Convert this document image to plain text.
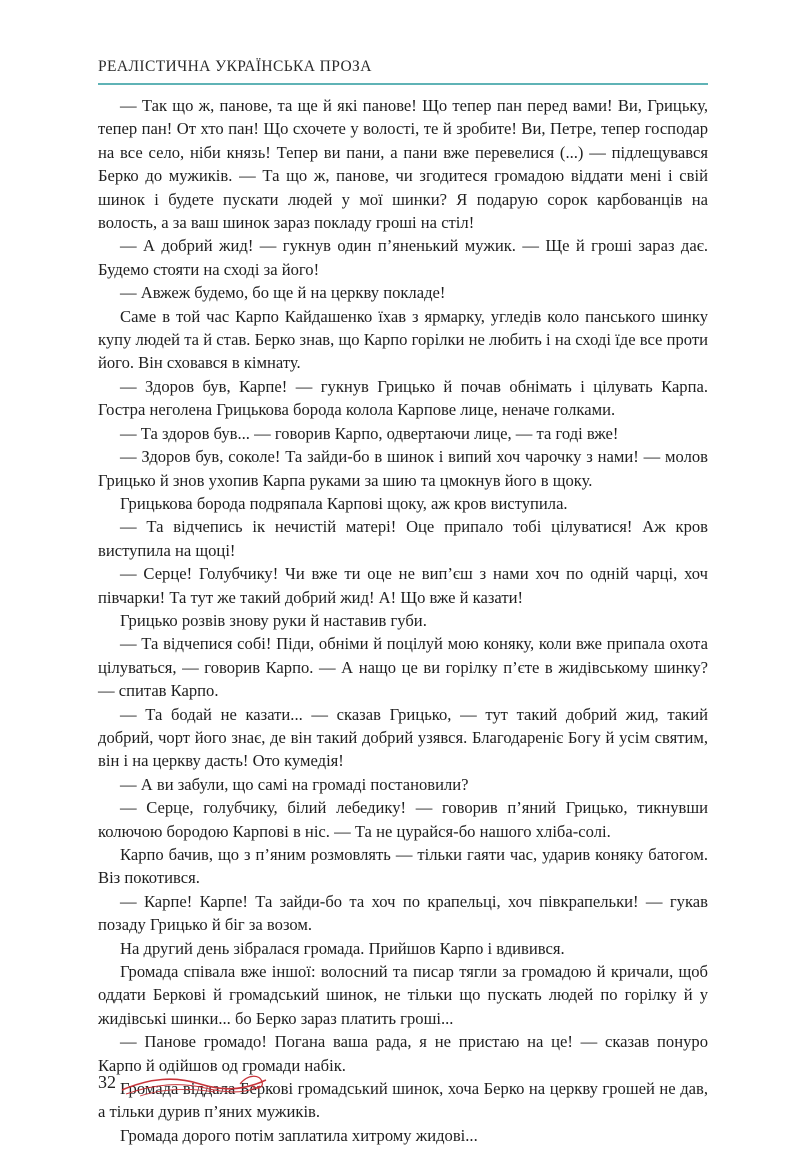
РЕАЛІСТИЧНА УКРАЇНСЬКА ПРОЗА

— Так що ж, панове, та ще й які панове! Що тепер пан перед вами! Ви, Грицьку, тепер пан! От хто пан! Що схочете у волості, те й зробите! Ви, Петре, тепер господар на все село, ніби князь! Тепер ви пани, а пани вже перевелися (...) — підлещувався Берко до мужиків. — Та що ж, панове, чи згодитеся громадою віддати мені і свій шинок і будете пускати людей у мої шинки? Я подарую сорок карбованців на волость, а за ваш шинок зараз покладу гроші на стіл!

— А добрий жид! — гукнув один п’яненький мужик. — Ще й гроші зараз дає. Будемо стояти на сході за його!

— Авжеж будемо, бо ще й на церкву покладе!

Саме в той час Карпо Кайдашенко їхав з ярмарку, угледів коло панського шинку купу людей та й став. Берко знав, що Карпо горілки не любить і на сході їде все проти його. Він сховався в кімнату.

— Здоров був, Карпе! — гукнув Грицько й почав обнімать і цілувать Карпа. Гостра неголена Грицькова борода колола Карпове лице, неначе голками.

— Та здоров був... — говорив Карпо, одвертаючи лице, — та годі вже!

— Здоров був, соколе! Та зайди-бо в шинок і випий хоч чарочку з нами! — молов Грицько й знов ухопив Карпа руками за шию та цмокнув його в щоку.

Грицькова борода подряпала Карпові щоку, аж кров виступила.

— Та відчепись ік нечистій матері! Оце припало тобі цілуватися! Аж кров виступила на щоці!

— Серце! Голубчику! Чи вже ти оце не вип’єш з нами хоч по одній чарці, хоч півчарки! Та тут же такий добрий жид! А! Що вже й казати!

Грицько розвів знову руки й наставив губи.

— Та відчепися собі! Піди, обніми й поцілуй мою коняку, коли вже припала охота цілуваться, — говорив Карпо. — А нащо це ви горілку п’єте в жидівському шинку? — спитав Карпо.

— Та бодай не казати... — сказав Грицько, — тут такий добрий жид, такий добрий, чорт його знає, де він такий добрий узявся. Благодареніє Богу й усім святим, він і на церкву дасть! Ото кумедія!

— А ви забули, що самі на громаді постановили?

— Серце, голубчику, білий лебедику! — говорив п’яний Грицько, тикнувши колючою бородою Карпові в ніс. — Та не цурайся-бо нашого хліба-солі.

Карпо бачив, що з п’яним розмовлять — тільки гаяти час, ударив коняку батогом. Віз покотився.

— Карпе! Карпе! Та зайди-бо та хоч по крапельці, хоч півкрапельки! — гукав позаду Грицько й біг за возом.

На другий день зібралася громада. Прийшов Карпо і вдивився.

Громада співала вже іншої: волосний та писар тягли за громадою й кричали, щоб оддати Беркові й громадський шинок, не тільки що пускать людей по горілку й у жидівські шинки... бо Берко зараз платить гроші...

— Панове громадо! Погана ваша рада, я не пристаю на це! — сказав понуро Карпо й одійшов од громади набік.

Громада віддала Беркові громадський шинок, хоча Берко на церкву грошей не дав, а тільки дурив п’яних мужиків.

Громада дорого потім заплатила хитрому жидові...

32
